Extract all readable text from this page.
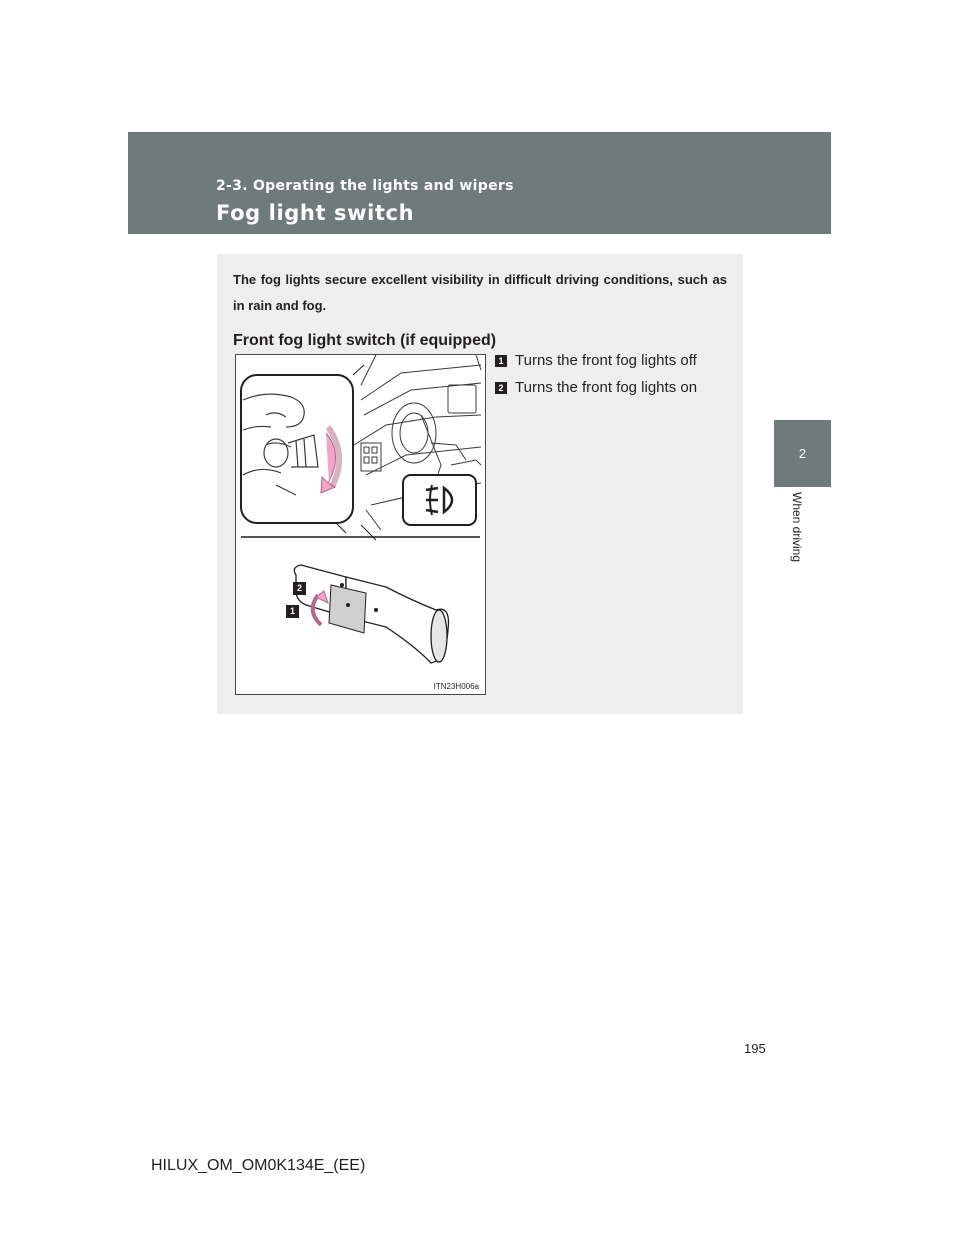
2-3. Operating the lights and wipers
Fog light switch
2
When driving
The fog lights secure excellent visibility in difficult driving conditions, such as in rain and fog.
Front fog light switch (if equipped)
2
1
ITN23H006a
1 Turns the front fog lights off
2 Turns the front fog lights on
195
HILUX_OM_OM0K134E_(EE)
